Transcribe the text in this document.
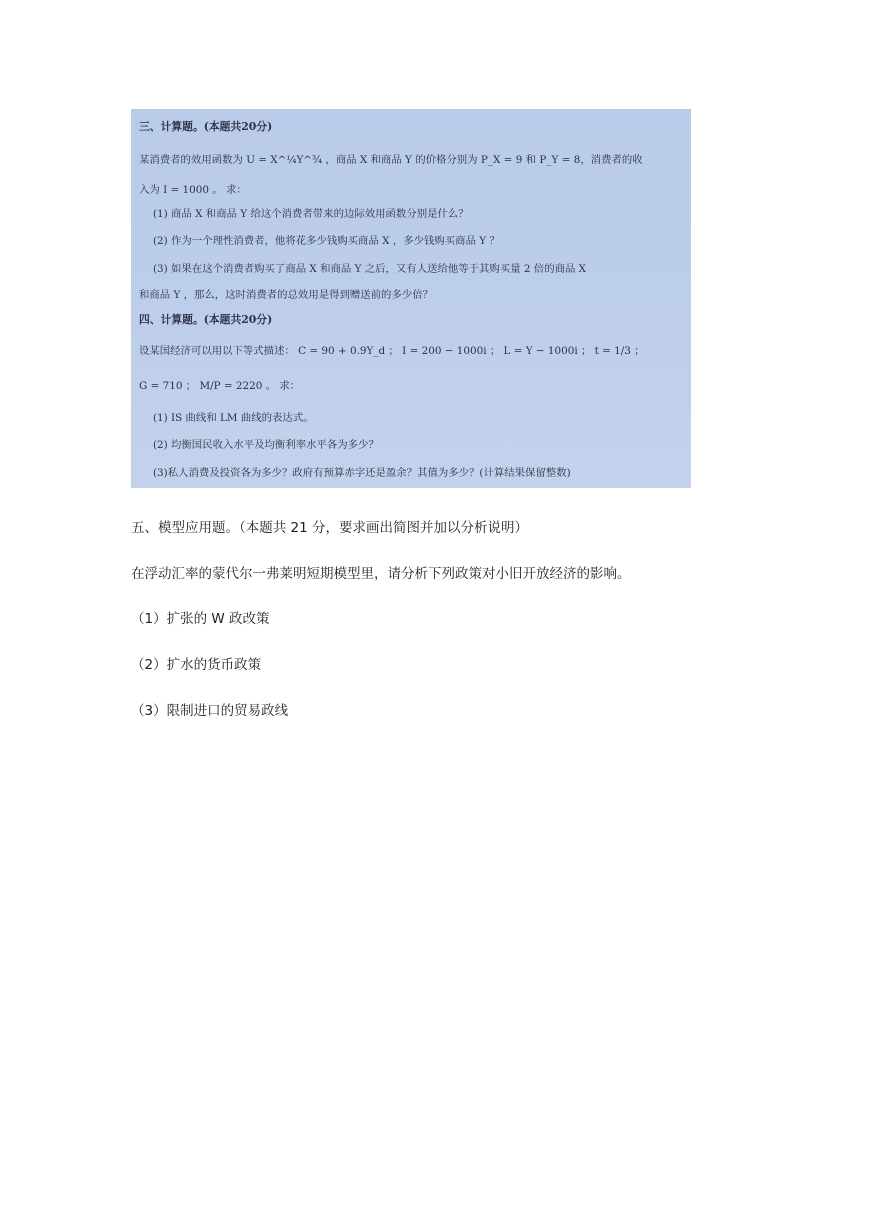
三、计算题。(本题共20分)
某消费者的效用函数为 U = X^¼Y^¾ ，商品 X 和商品 Y 的价格分别为 P_X = 9 和 P_Y = 8，消费者的收
入为 I = 1000 。 求：
(1) 商品 X 和商品 Y 给这个消费者带来的边际效用函数分别是什么？
(2) 作为一个理性消费者，他将花多少钱购买商品 X ，多少钱购买商品 Y ？
(3) 如果在这个消费者购买了商品 X 和商品 Y 之后，又有人送给他等于其购买量 2 倍的商品 X
和商品 Y ，那么，这时消费者的总效用是得到赠送前的多少倍？
四、计算题。(本题共20分)
设某国经济可以用以下等式描述： C = 90 + 0.9Y_d ； I = 200 − 1000i ； L = Y − 1000i ； t = 1/3 ；
G = 710 ； M/P = 2220 。 求：
(1) IS 曲线和 LM 曲线的表达式。
(2) 均衡国民收入水平及均衡利率水平各为多少？
(3)私人消费及投资各为多少？政府有预算赤字还是盈余？其值为多少？(计算结果保留整数)
五、模型应用题。（本题共 21 分，要求画出简图并加以分析说明）
在浮动汇率的蒙代尔一弗莱明短期模型里，请分析下列政策对小旧开放经济的影响。
（1）扩张的 W 政改策
（2）扩水的货币政策
（3）限制进口的贸易政线
